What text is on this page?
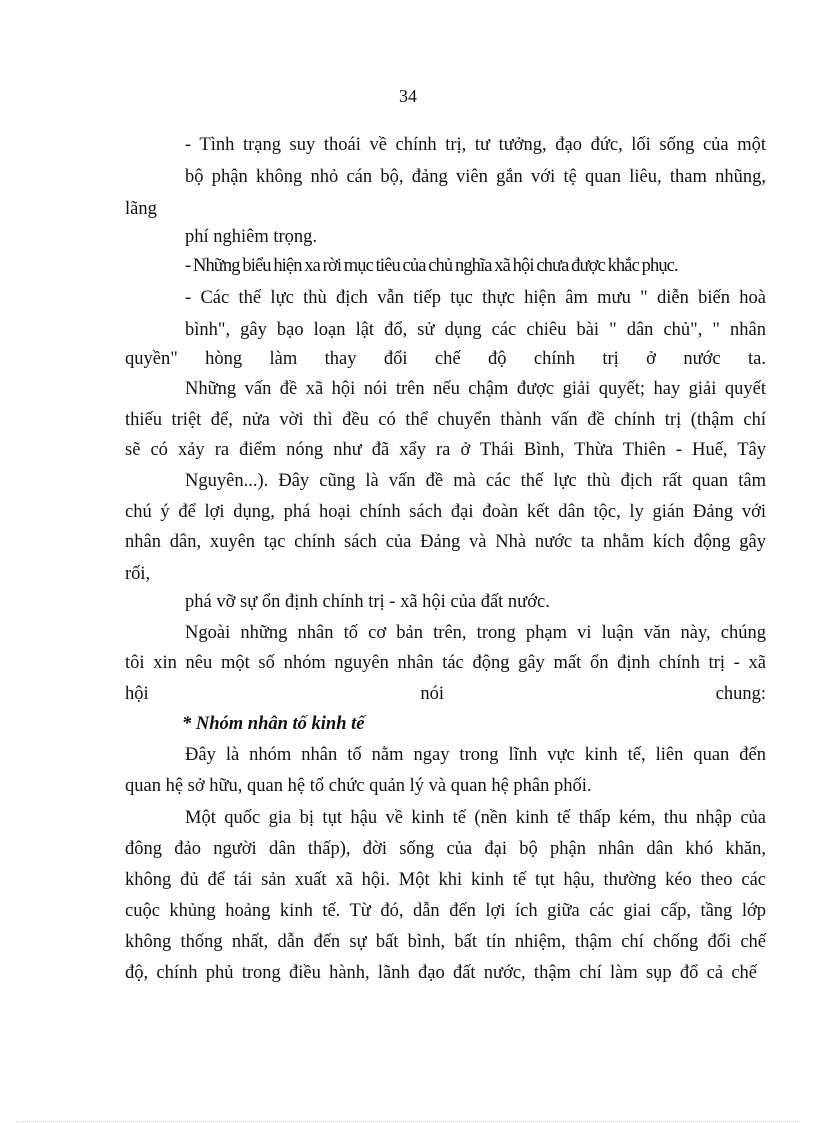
34
- Tình trạng suy thoái về chính trị, tư tưởng, đạo đức, lối sống của một
bộ phận không nhỏ cán bộ, đảng viên gắn với tệ quan liêu, tham nhũng,
lãng
phí nghiêm trọng.
- Những biểu hiện xa rời mục tiêu của chủ nghĩa xã hội chưa được khắc phục.
- Các thế lực thù địch vẫn tiếp tục thực hiện âm mưu " diễn biến hoà
bình", gây bạo loạn lật đổ, sử dụng các chiêu bài " dân chủ", " nhân
quyền" hòng làm thay đổi chế độ chính trị ở nước ta.
Những vấn đề xã hội nói trên nếu chậm được giải quyết; hay giải quyết
thiếu triệt để, nửa vời thì đều có thể chuyển thành vấn đề chính trị (thậm chí
sẽ có xảy ra điểm nóng như đã xẩy ra ở Thái Bình, Thừa Thiên - Huế, Tây
Nguyên...). Đây cũng là vấn đề mà các thế lực thù địch rất quan tâm
chú ý để lợi dụng, phá hoại chính sách đại đoàn kết dân tộc, ly gián Đảng với
nhân dân, xuyên tạc chính sách của Đảng và Nhà nước ta nhằm kích động gây
rối,
phá vỡ sự ổn định chính trị - xã hội của đất nước.
Ngoài những nhân tố cơ bản trên, trong phạm vi luận văn này, chúng
tôi xin nêu một số nhóm nguyên nhân tác động gây mất ổn định chính trị - xã
hội nói chung:
* Nhóm nhân tố kinh tế
Đây là nhóm nhân tố nằm ngay trong lĩnh vực kinh tế, liên quan đến
quan hệ sở hữu, quan hệ tổ chức quản lý và quan hệ phân phối.
Một quốc gia bị tụt hậu về kinh tế (nền kinh tế thấp kém, thu nhập của
đông đảo người dân thấp), đời sống của đại bộ phận nhân dân khó khăn,
không đủ để tái sản xuất xã hội. Một khi kinh tế tụt hậu, thường kéo theo các
cuộc khủng hoảng kinh tế. Từ đó, dẫn đến lợi ích giữa các giai cấp, tầng lớp
không thống nhất, dẫn đến sự bất bình, bất tín nhiệm, thậm chí chống đối chế
độ, chính phủ trong điều hành, lãnh đạo đất nước, thậm chí làm sụp đổ cả chế
